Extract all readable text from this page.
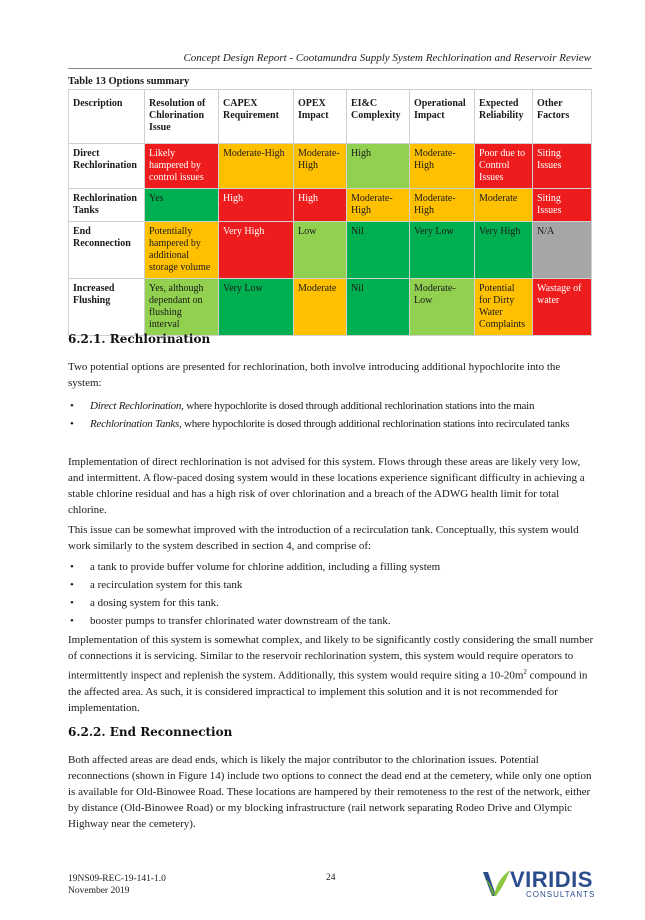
Concept Design Report - Cootamundra Supply System Rechlorination and Reservoir Review
Table 13 Options summary
Description	Resolution of Chlorination Issue	CAPEX Requirement	OPEX Impact	EI&C Complexity	Operational Impact	Expected Reliability	Other Factors
Direct Rechlorination	Likely hampered by control issues	Moderate-High	Moderate-High	High	Moderate-High	Poor due to Control Issues	Siting Issues
Rechlorination Tanks	Yes	High	High	Moderate-High	Moderate-High	Moderate	Siting Issues
End Reconnection	Potentially hampered by additional storage volume	Very High	Low	Nil	Very Low	Very High	N/A
Increased Flushing	Yes, although dependant on flushing interval	Very Low	Moderate	Nil	Moderate-Low	Potential for Dirty Water Complaints	Wastage of water
6.2.1. Rechlorination

Two potential options are presented for rechlorination, both involve introducing additional hypochlorite into the system:

• Direct Rechlorination, where hypochlorite is dosed through additional rechlorination stations into the main
• Rechlorination Tanks, where hypochlorite is dosed through additional rechlorination stations into recirculated tanks

Implementation of direct rechlorination is not advised for this system. Flows through these areas are likely very low, and intermittent. A flow-paced dosing system would in these locations experience significant difficulty in achieving a stable chlorine residual and has a high risk of over chlorination and a breach of the ADWG health limit for total chlorine.

This issue can be somewhat improved with the introduction of a recirculation tank. Conceptually, this system would work similarly to the system described in section 4, and comprise of:

• a tank to provide buffer volume for chlorine addition, including a filling system
• a recirculation system for this tank
• a dosing system for this tank.
• booster pumps to transfer chlorinated water downstream of the tank.

Implementation of this system is somewhat complex, and likely to be significantly costly considering the small number of connections it is servicing. Similar to the reservoir rechlorination system, this system would require operators to intermittently inspect and replenish the system. Additionally, this system would require siting a $10-20m^2$ compound in the affected area. As such, it is considered impractical to implement this solution and it is not recommended for implementation.

6.2.2. End Reconnection

Both affected areas are dead ends, which is likely the major contributor to the chlorination issues. Potential reconnections (shown in Figure 14) include two options to connect the dead end at the cemetery, while only one option is available for Old-Binowee Road. These locations are hampered by their remoteness to the rest of the network, either by distance (Old-Binowee Road) or my blocking infrastructure (rail network separating Rodeo Drive and Olympic Highway near the cemetery).

19NS09-REC-19-141-1.0
November 2019
24	VIRIDIS
CONSULTANTS
